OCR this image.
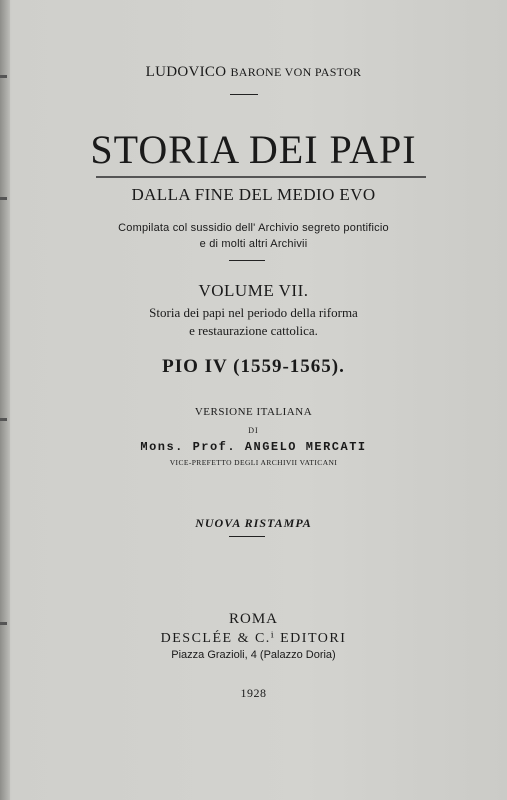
LUDOVICO BARONE VON PASTOR
STORIA DEI PAPI
DALLA FINE DEL MEDIO EVO
Compilata col sussidio dell' Archivio segreto pontificio
e di molti altri Archivii
VOLUME VII.
Storia dei papi nel periodo della riforma
e restaurazione cattolica.
PIO IV (1559-1565).
VERSIONE ITALIANA
DI
Mons. Prof. ANGELO MERCATI
VICE-PREFETTO DEGLI ARCHIVII VATICANI
NUOVA RISTAMPA
ROMA
DESCLÉE & C.ⁱ EDITORI
Piazza Grazioli, 4 (Palazzo Doria)
1928
